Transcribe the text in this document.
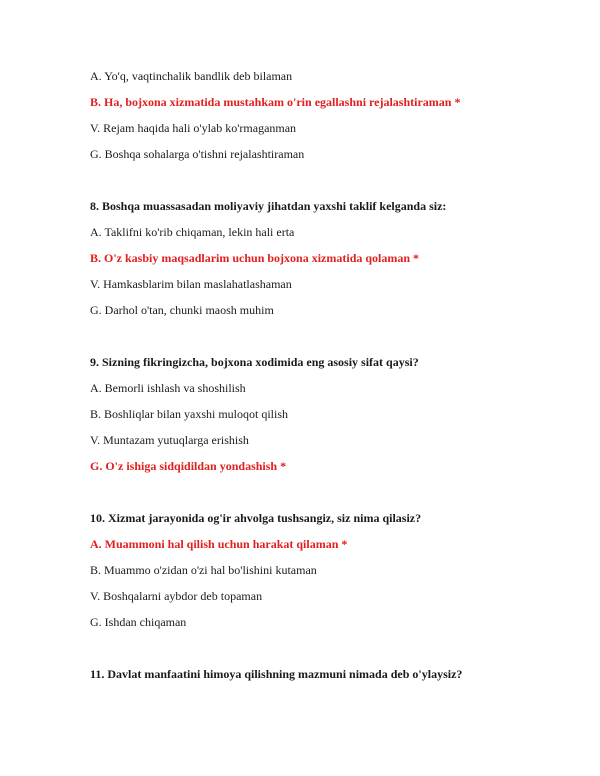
A. Yo'q, vaqtinchalik bandlik deb bilaman
B. Ha, bojxona xizmatida mustahkam o'rin egallashni rejalashtiraman *
V. Rejam haqida hali o'ylab ko'rmaganman
G. Boshqa sohalarga o'tishni rejalashtiraman
8. Boshqa muassasadan moliyaviy jihatdan yaxshi taklif kelganda siz:
A. Taklifni ko'rib chiqaman, lekin hali erta
B. O'z kasbiy maqsadlarim uchun bojxona xizmatida qolaman *
V. Hamkasblarim bilan maslahatlashaman
G. Darhol o'tan, chunki maosh muhim
9. Sizning fikringizcha, bojxona xodimida eng asosiy sifat qaysi?
A. Bemorli ishlash va shoshilish
B. Boshliqlar bilan yaxshi muloqot qilish
V. Muntazam yutuqlarga erishish
G. O'z ishiga sidqidildan yondashish *
10. Xizmat jarayonida og'ir ahvolga tushsangiz, siz nima qilasiz?
A. Muammoni hal qilish uchun harakat qilaman *
B. Muammo o'zidan o'zi hal bo'lishini kutaman
V. Boshqalarni aybdor deb topaman
G. Ishdan chiqaman
11. Davlat manfaatini himoya qilishning mazmuni nimada deb o'ylaysiz?
